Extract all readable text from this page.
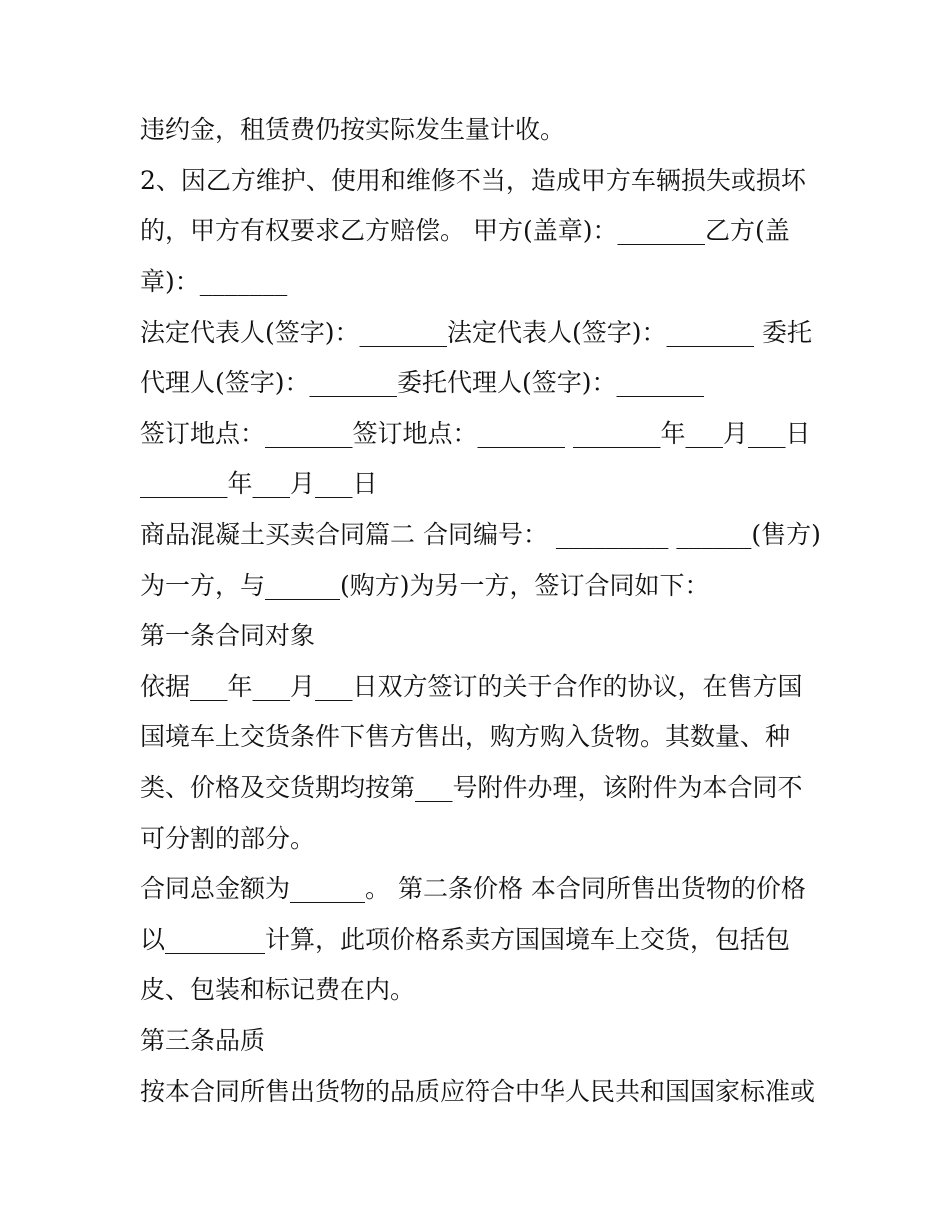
违约金，租赁费仍按实际发生量计收。
2、因乙方维护、使用和维修不当，造成甲方车辆损失或损坏
的，甲方有权要求乙方赔偿。 甲方(盖章)：_______乙方(盖
章)：_______
法定代表人(签字)：_______法定代表人(签字)：_______ 委托
代理人(签字)：_______委托代理人(签字)：_______
签订地点：_______签订地点：_______ _______年___月___日
_______年___月___日
商品混凝土买卖合同篇二 合同编号： _________ ______(售方)
为一方，与______(购方)为另一方，签订合同如下：
第一条合同对象
依据___年___月___日双方签订的关于合作的协议，在售方国
国境车上交货条件下售方售出，购方购入货物。其数量、种
类、价格及交货期均按第___号附件办理，该附件为本合同不
可分割的部分。
合同总金额为______。 第二条价格 本合同所售出货物的价格
以________计算，此项价格系卖方国国境车上交货，包括包
皮、包装和标记费在内。
第三条品质
按本合同所售出货物的品质应符合中华人民共和国国家标准或
